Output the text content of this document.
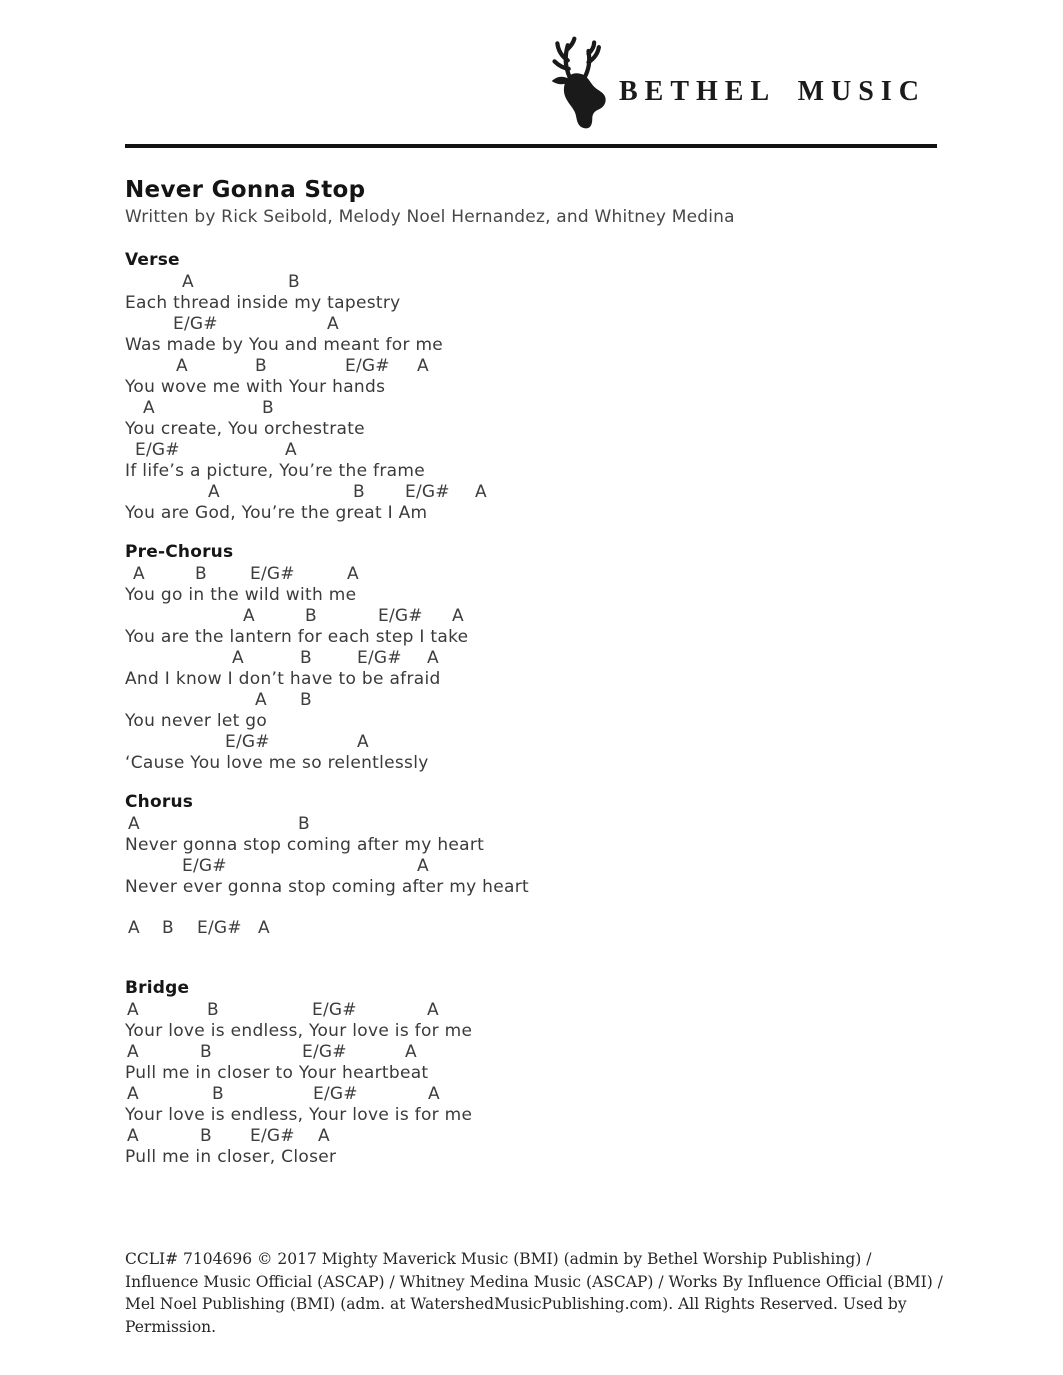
BETHEL MUSIC
Never Gonna Stop
Written by Rick Seibold, Melody Noel Hernandez, and Whitney Medina
Verse
A	B
Each thread inside my tapestry
E/G#	A
Was made by You and meant for me
A	B	E/G# A
You wove me with Your hands
A	B
You create, You orchestrate
E/G#	A
If life’s a picture, You’re the frame
A	B E/G# A
You are God, You’re the great I Am
Pre-Chorus
A	B	E/G#	A
You go in the wild with me
A	B	E/G# A
You are the lantern for each step I take
A	B	E/G# A
And I know I don’t have to be afraid
A B
You never let go
E/G#	A
‘Cause You love me so relentlessly
Chorus
A	B
Never gonna stop coming after my heart
E/G#	A
Never ever gonna stop coming after my heart
A B E/G# A
Bridge
A	B	E/G#	A
Your love is endless, Your love is for me
A	B	E/G#	A
Pull me in closer to Your heartbeat
A	B	E/G#	A
Your love is endless, Your love is for me
A	B E/G# A
Pull me in closer, Closer
CCLI# 7104696 © 2017 Mighty Maverick Music (BMI) (admin by Bethel Worship Publishing) / Influence Music Official (ASCAP) / Whitney Medina Music (ASCAP) / Works By Influence Official (BMI) / Mel Noel Publishing (BMI) (adm. at WatershedMusicPublishing.com). All Rights Reserved. Used by Permission.
